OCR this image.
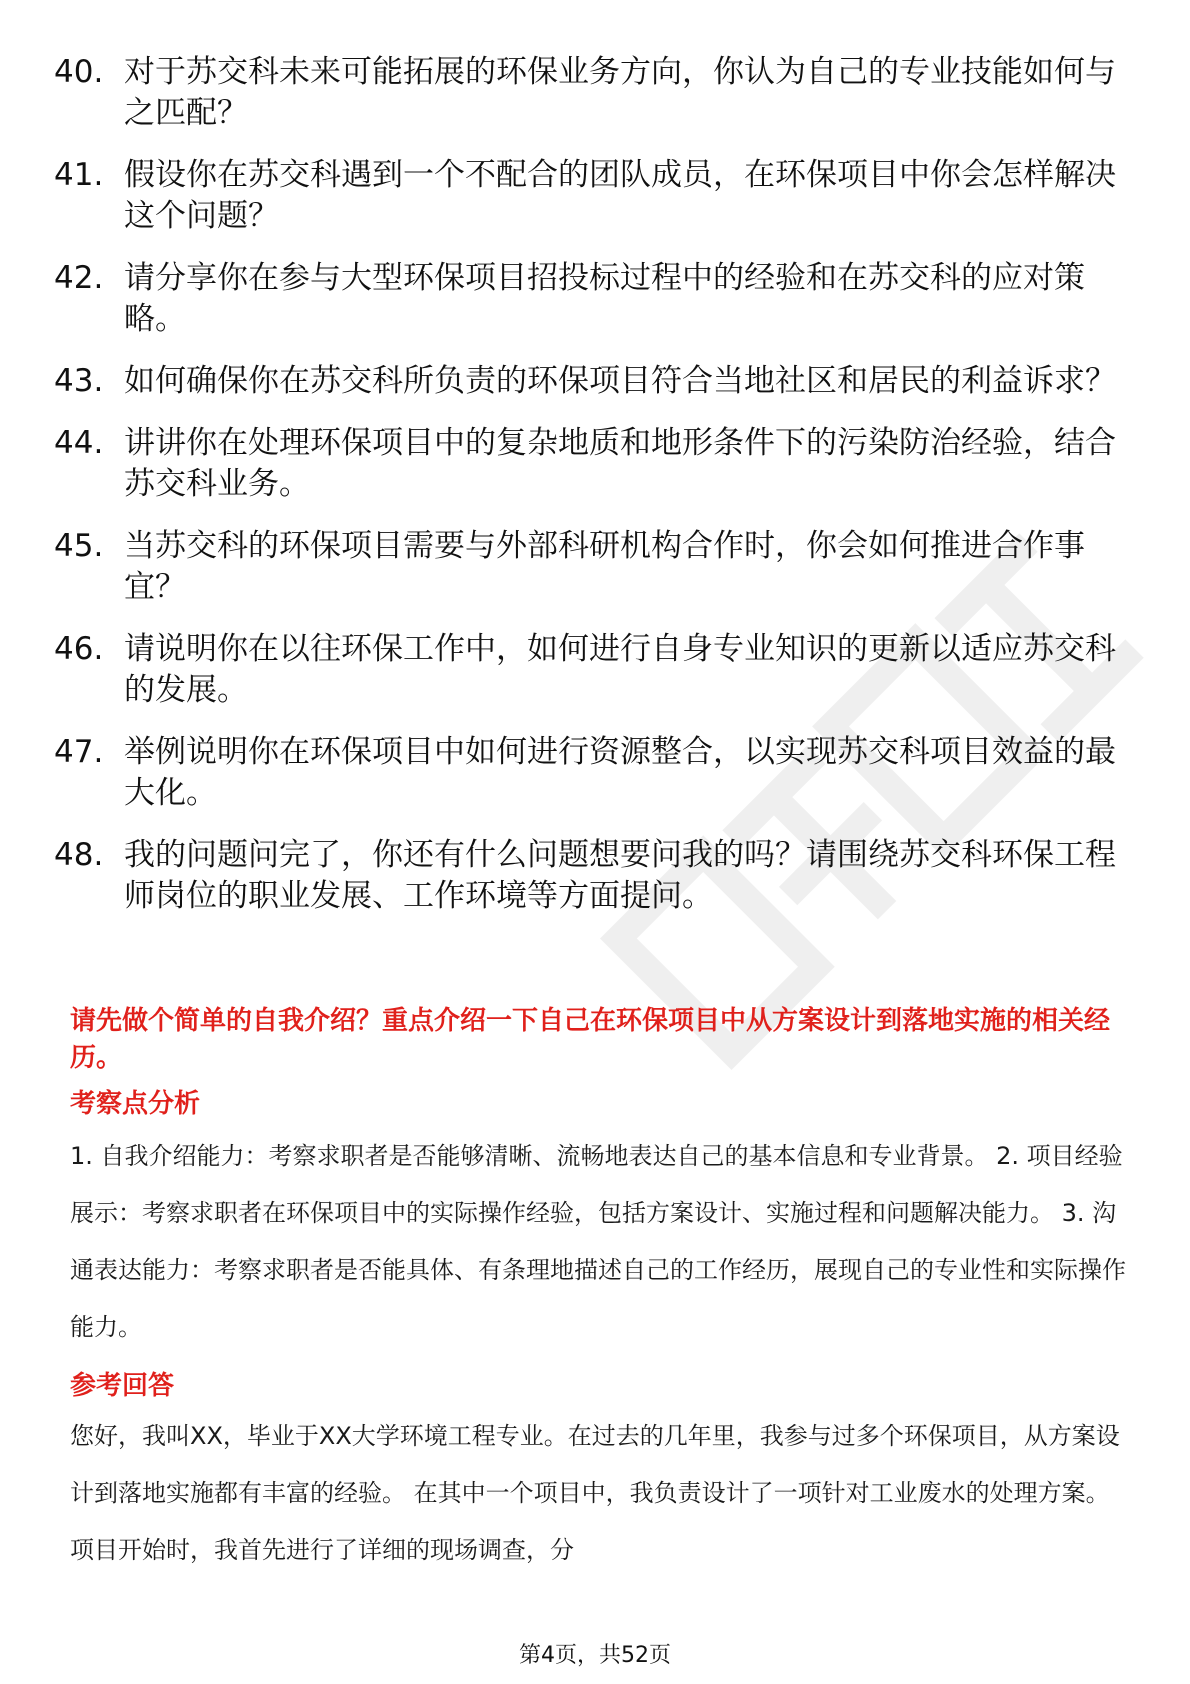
40. 对于苏交科未来可能拓展的环保业务方向，你认为自己的专业技能如何与之匹配？
41. 假设你在苏交科遇到一个不配合的团队成员，在环保项目中你会怎样解决这个问题？
42. 请分享你在参与大型环保项目招投标过程中的经验和在苏交科的应对策略。
43. 如何确保你在苏交科所负责的环保项目符合当地社区和居民的利益诉求？
44. 讲讲你在处理环保项目中的复杂地质和地形条件下的污染防治经验，结合苏交科业务。
45. 当苏交科的环保项目需要与外部科研机构合作时，你会如何推进合作事宜？
46. 请说明你在以往环保工作中，如何进行自身专业知识的更新以适应苏交科的发展。
47. 举例说明你在环保项目中如何进行资源整合，以实现苏交科项目效益的最大化。
48. 我的问题问完了，你还有什么问题想要问我的吗？请围绕苏交科环保工程师岗位的职业发展、工作环境等方面提问。
请先做个简单的自我介绍？重点介绍一下自己在环保项目中从方案设计到落地实施的相关经历。
考察点分析
1. 自我介绍能力：考察求职者是否能够清晰、流畅地表达自己的基本信息和专业背景。 2. 项目经验展示：考察求职者在环保项目中的实际操作经验，包括方案设计、实施过程和问题解决能力。 3. 沟通表达能力：考察求职者是否能具体、有条理地描述自己的工作经历，展现自己的专业性和实际操作能力。
参考回答
您好，我叫XX，毕业于XX大学环境工程专业。在过去的几年里，我参与过多个环保项目，从方案设计到落地实施都有丰富的经验。 在其中一个项目中，我负责设计了一项针对工业废水的处理方案。项目开始时，我首先进行了详细的现场调查，分
第4页，共52页
